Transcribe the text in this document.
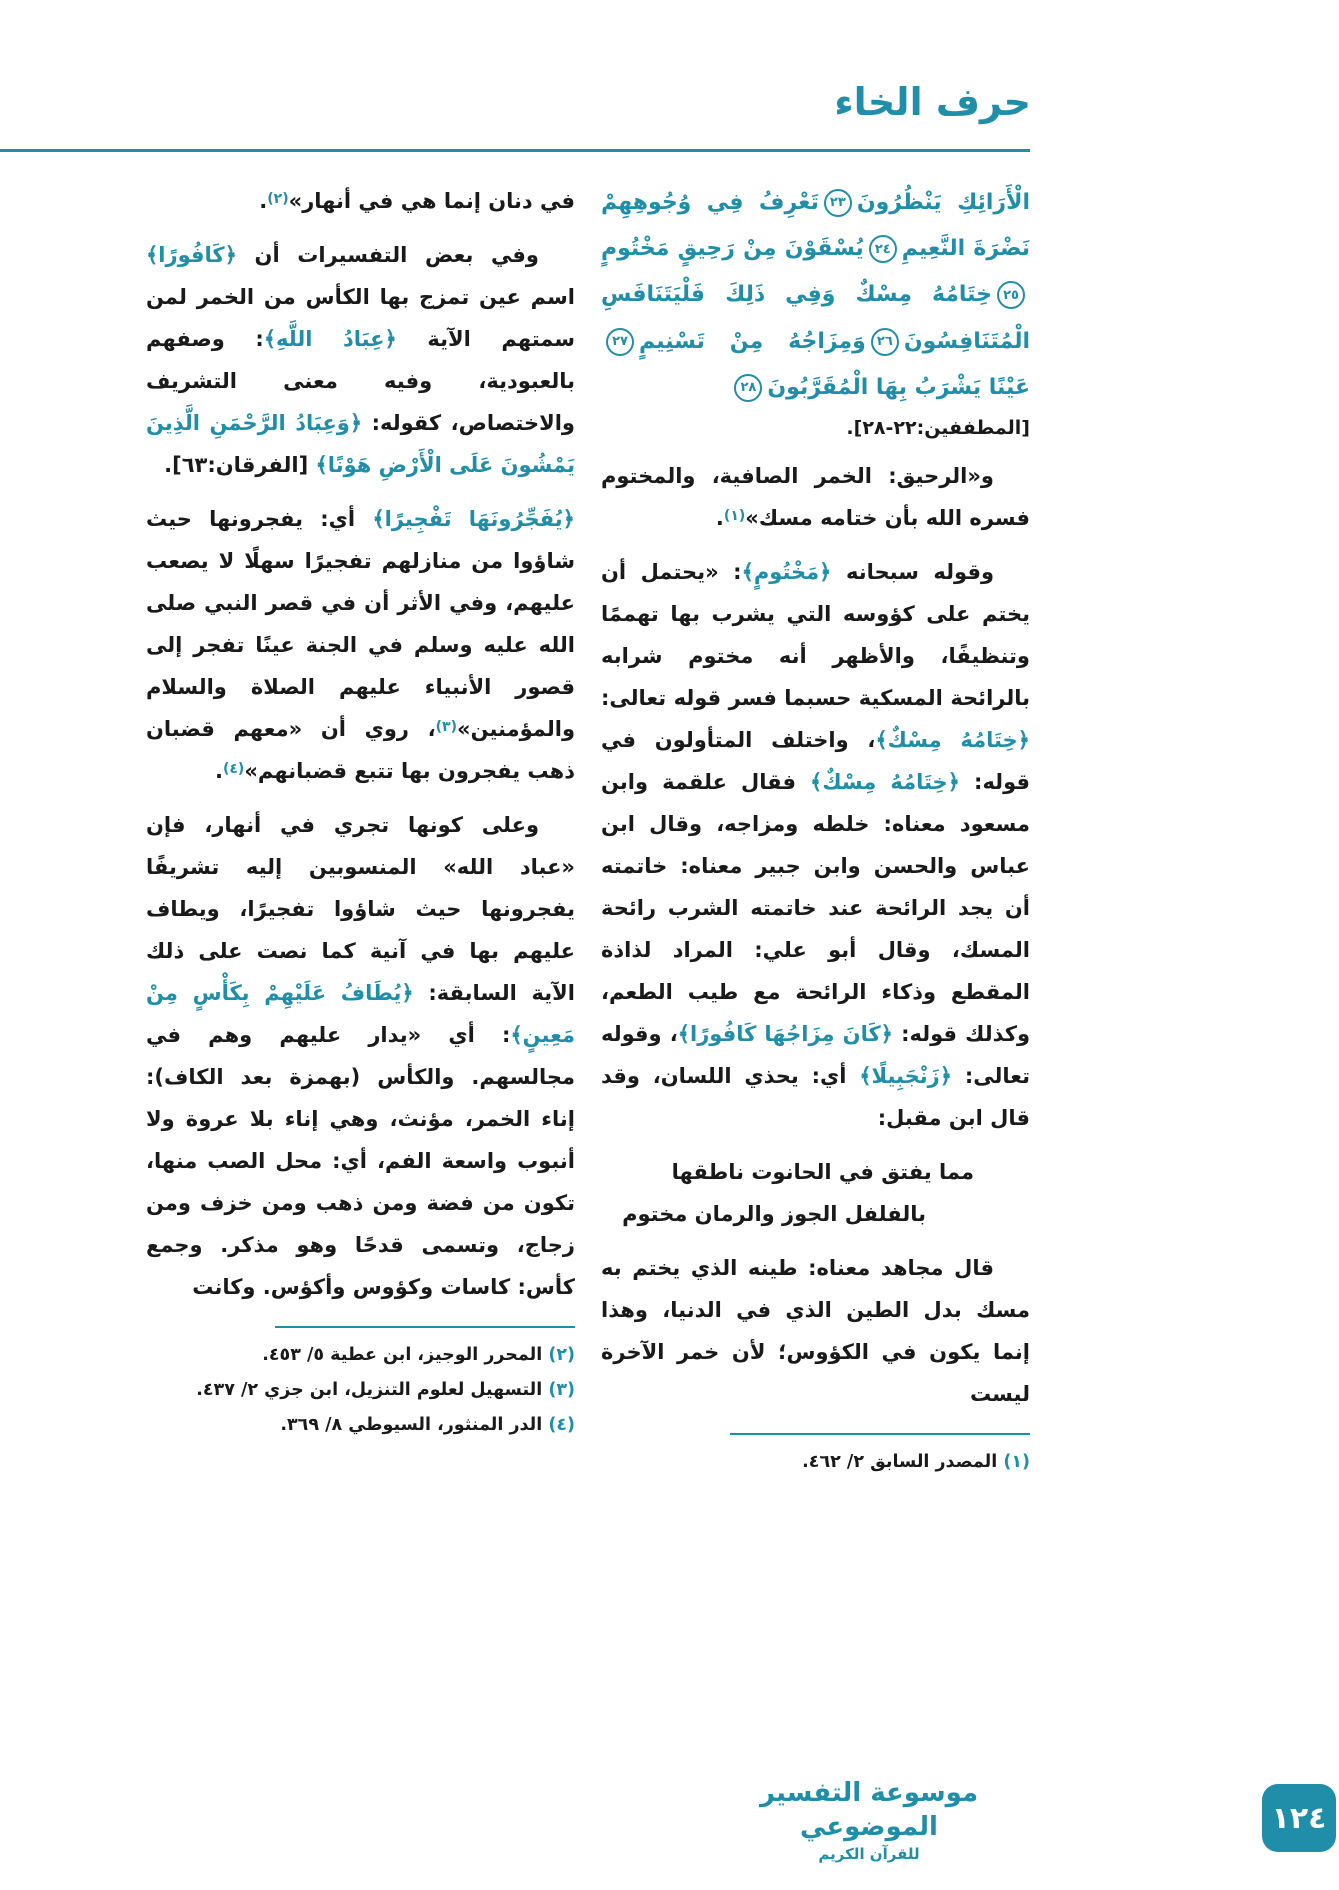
حرف الخاء

الْأَرَائِكِ يَنْظُرُونَ٢٣تَعْرِفُ فِي وُجُوهِهِمْ نَضْرَةَ النَّعِيمِ٢٤يُسْقَوْنَ مِنْ رَحِيقٍ مَخْتُومٍ٢٥خِتَامُهُ مِسْكٌ وَفِي ذَلِكَ فَلْيَتَنَافَسِ الْمُتَنَافِسُونَ٢٦وَمِزَاجُهُ مِنْ تَسْنِيمٍ٢٧عَيْنًا يَشْرَبُ بِهَا الْمُقَرَّبُونَ٢٨

[المطففين:٢٢-٢٨].

و«الرحيق: الخمر الصافية، والمختوم فسره الله بأن ختامه مسك»$^{(١)}$.

وقوله سبحانه ﴿مَخْتُومٍ﴾: «يحتمل أن يختم على كؤوسه التي يشرب بها تهممًا وتنظيفًا، والأظهر أنه مختوم شرابه بالرائحة المسكية حسبما فسر قوله تعالى: ﴿خِتَامُهُ مِسْكٌ﴾، واختلف المتأولون في قوله: ﴿خِتَامُهُ مِسْكٌ﴾ فقال علقمة وابن مسعود معناه: خلطه ومزاجه، وقال ابن عباس والحسن وابن جبير معناه: خاتمته أن يجد الرائحة عند خاتمته الشرب رائحة المسك، وقال أبو علي: المراد لذاذة المقطع وذكاء الرائحة مع طيب الطعم، وكذلك قوله: ﴿كَانَ مِزَاجُهَا كَافُورًا﴾، وقوله تعالى: ﴿زَنْجَبِيلًا﴾ أي: يحذي اللسان، وقد قال ابن مقبل:

مما يفتق في الحانوت ناطقها

بالفلفل الجوز والرمان مختوم

قال مجاهد معناه: طينه الذي يختم به مسك بدل الطين الذي في الدنيا، وهذا إنما يكون في الكؤوس؛ لأن خمر الآخرة ليست

(١) المصدر السابق ٢/ ٤٦٢.

في دنان إنما هي في أنهار»$^{(٢)}$.

وفي بعض التفسيرات أن ﴿كَافُورًا﴾ اسم عين تمزج بها الكأس من الخمر لمن سمتهم الآية ﴿عِبَادُ اللَّهِ﴾: وصفهم بالعبودية، وفيه معنى التشريف والاختصاص، كقوله: ﴿وَعِبَادُ الرَّحْمَنِ الَّذِينَ يَمْشُونَ عَلَى الْأَرْضِ هَوْنًا﴾ [الفرقان:٦٣].

﴿يُفَجِّرُونَهَا تَفْجِيرًا﴾ أي: يفجرونها حيث شاؤوا من منازلهم تفجيرًا سهلًا لا يصعب عليهم، وفي الأثر أن في قصر النبي صلى الله عليه وسلم في الجنة عينًا تفجر إلى قصور الأنبياء عليهم الصلاة والسلام والمؤمنين»$^{(٣)}$، روي أن «معهم قضبان ذهب يفجرون بها تتبع قضبانهم»$^{(٤)}$.

وعلى كونها تجري في أنهار، فإن «عباد الله» المنسوبين إليه تشريفًا يفجرونها حيث شاؤوا تفجيرًا، ويطاف عليهم بها في آنية كما نصت على ذلك الآية السابقة: ﴿يُطَافُ عَلَيْهِمْ بِكَأْسٍ مِنْ مَعِينٍ﴾: أي «يدار عليهم وهم في مجالسهم. والكأس (بهمزة بعد الكاف): إناء الخمر، مؤنث، وهي إناء بلا عروة ولا أنبوب واسعة الفم، أي: محل الصب منها، تكون من فضة ومن ذهب ومن خزف ومن زجاج، وتسمى قدحًا وهو مذكر. وجمع كأس: كاسات وكؤوس وأكؤس. وكانت

(٢) المحرر الوجيز، ابن عطية ٥/ ٤٥٣.
(٣) التسهيل لعلوم التنزيل، ابن جزي ٢/ ٤٣٧.
(٤) الدر المنثور، السيوطي ٨/ ٣٦٩.
موسوعة التفسير الموضوعي
للقرآن الكريم
١٢٤
